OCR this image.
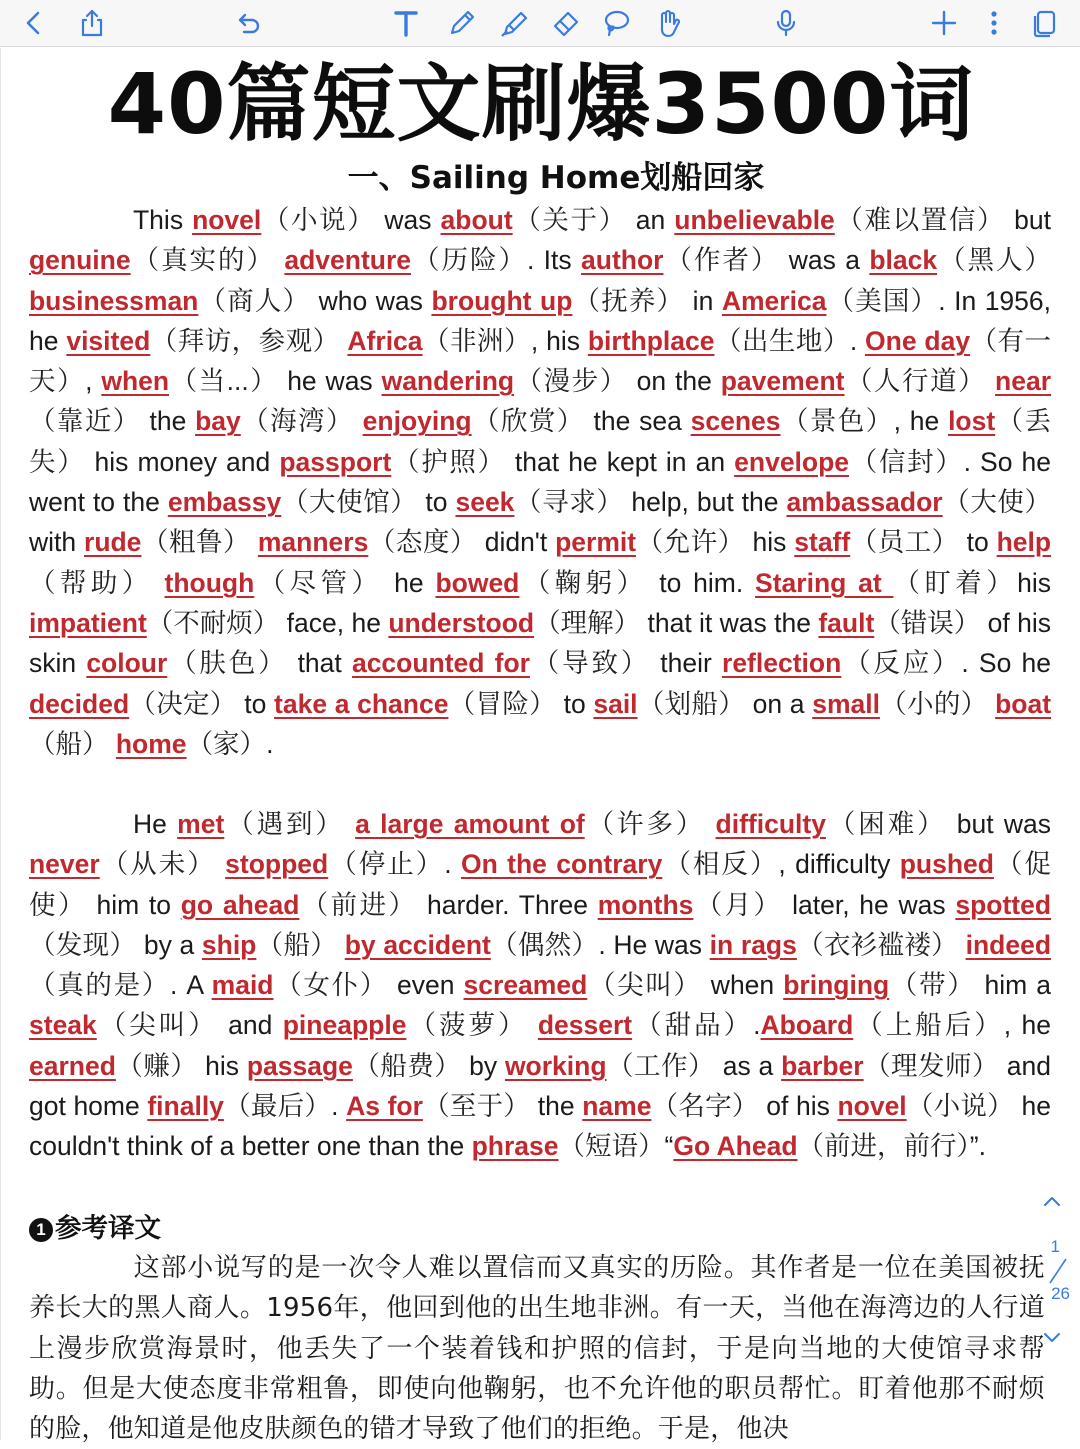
40篇短文刷爆3500词
一、Sailing Home划船回家
This novel（小说） was about（关于） an unbelievable（难以置信） but genuine（真实的） adventure（历险）. Its author（作者） was a black（黑人） businessman（商人） who was brought up（抚养） in America（美国）. In 1956, he visited（拜访，参观） Africa（非洲）, his birthplace（出生地）. One day（有一天）, when（当...） he was wandering（漫步） on the pavement（人行道） near（靠近） the bay（海湾） enjoying（欣赏） the sea scenes（景色）, he lost（丢失） his money and passport（护照） that he kept in an envelope（信封）. So he went to the embassy（大使馆） to seek（寻求） help, but the ambassador（大使） with rude（粗鲁） manners（态度） didn't permit（允许） his staff（员工） to help（帮助） though（尽管） he bowed（鞠躬） to him. Staring at （盯着）his impatient（不耐烦） face, he understood（理解） that it was the fault（错误） of his skin colour（肤色） that accounted for（导致） their reflection（反应）. So he decided（决定） to take a chance（冒险） to sail（划船） on a small（小的） boat（船） home（家）.
He met（遇到） a large amount of（许多） difficulty（困难） but was never（从未） stopped（停止）. On the contrary（相反）, difficulty pushed（促使） him to go ahead（前进） harder. Three months（月） later, he was spotted（发现） by a ship（船） by accident（偶然）. He was in rags（衣衫褴褛） indeed（真的是）. A maid（女仆） even screamed（尖叫） when bringing（带） him a steak（尖叫） and pineapple（菠萝） dessert（甜品）.Aboard（上船后）, he earned（赚） his passage（船费） by working（工作） as a barber（理发师） and got home finally（最后）. As for（至于） the name（名字） of his novel（小说） he couldn't think of a better one than the phrase（短语）“Go Ahead（前进，前行）”.
1 参考译文
这部小说写的是一次令人难以置信而又真实的历险。其作者是一位在美国被抚养长大的黑人商人。1956年，他回到他的出生地非洲。有一天，当他在海湾边的人行道上漫步欣赏海景时，他丢失了一个装着钱和护照的信封，于是向当地的大使馆寻求帮助。但是大使态度非常粗鲁，即使向他鞠躬，也不允许他的职员帮忙。盯着他那不耐烦的脸，他知道是他皮肤颜色的错才导致了他们的拒绝。于是，他决
1
26
